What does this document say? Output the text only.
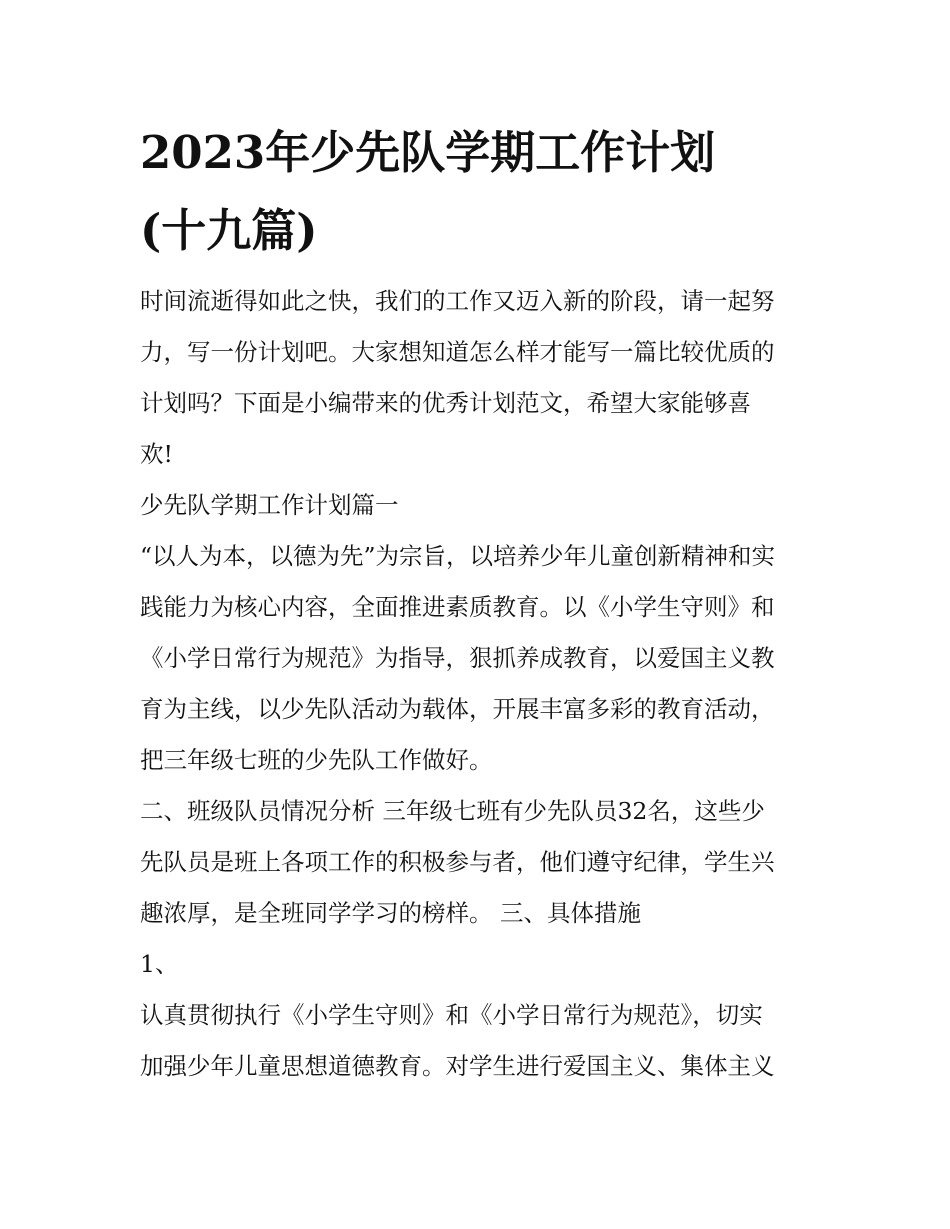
2023年少先队学期工作计划
(十九篇)
时间流逝得如此之快，我们的工作又迈入新的阶段，请一起努
力，写一份计划吧。大家想知道怎么样才能写一篇比较优质的
计划吗？下面是小编带来的优秀计划范文，希望大家能够喜
欢!
少先队学期工作计划篇一
“以人为本，以德为先”为宗旨，以培养少年儿童创新精神和实
践能力为核心内容，全面推进素质教育。以《小学生守则》和
《小学日常行为规范》为指导，狠抓养成教育，以爱国主义教
育为主线，以少先队活动为载体，开展丰富多彩的教育活动，
把三年级七班的少先队工作做好。
二、班级队员情况分析 三年级七班有少先队员32名，这些少
先队员是班上各项工作的积极参与者，他们遵守纪律，学生兴
趣浓厚，是全班同学学习的榜样。 三、具体措施
1、
认真贯彻执行《小学生守则》和《小学日常行为规范》，切实
加强少年儿童思想道德教育。对学生进行爱国主义、集体主义
